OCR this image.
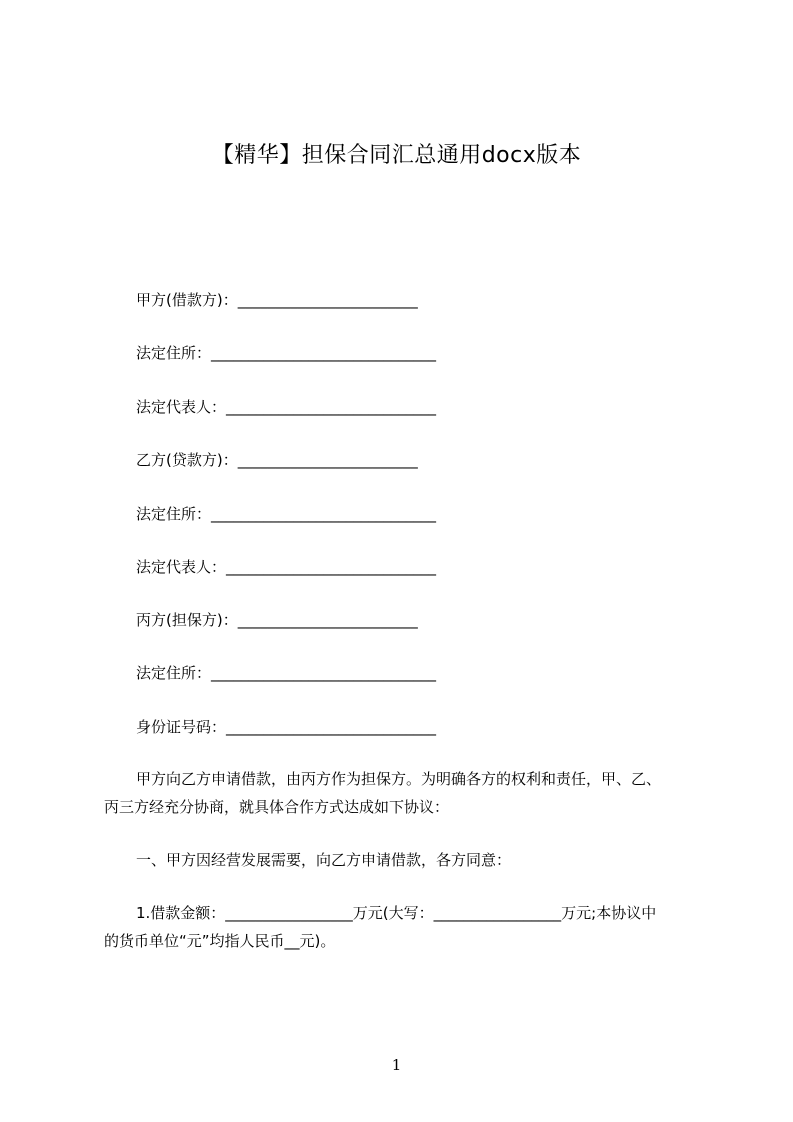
【精华】担保合同汇总通用docx版本
甲方(借款方)：________________________
法定住所：______________________________
法定代表人：____________________________
乙方(贷款方)：________________________
法定住所：______________________________
法定代表人：____________________________
丙方(担保方)：________________________
法定住所：______________________________
身份证号码：____________________________
甲方向乙方申请借款，由丙方作为担保方。为明确各方的权利和责任，甲、乙、
丙三方经充分协商，就具体合作方式达成如下协议：
一、甲方因经营发展需要，向乙方申请借款，各方同意：
1.借款金额：_________________万元(大写：_________________万元;本协议中
的货币单位“元”均指人民币__元)。
1
